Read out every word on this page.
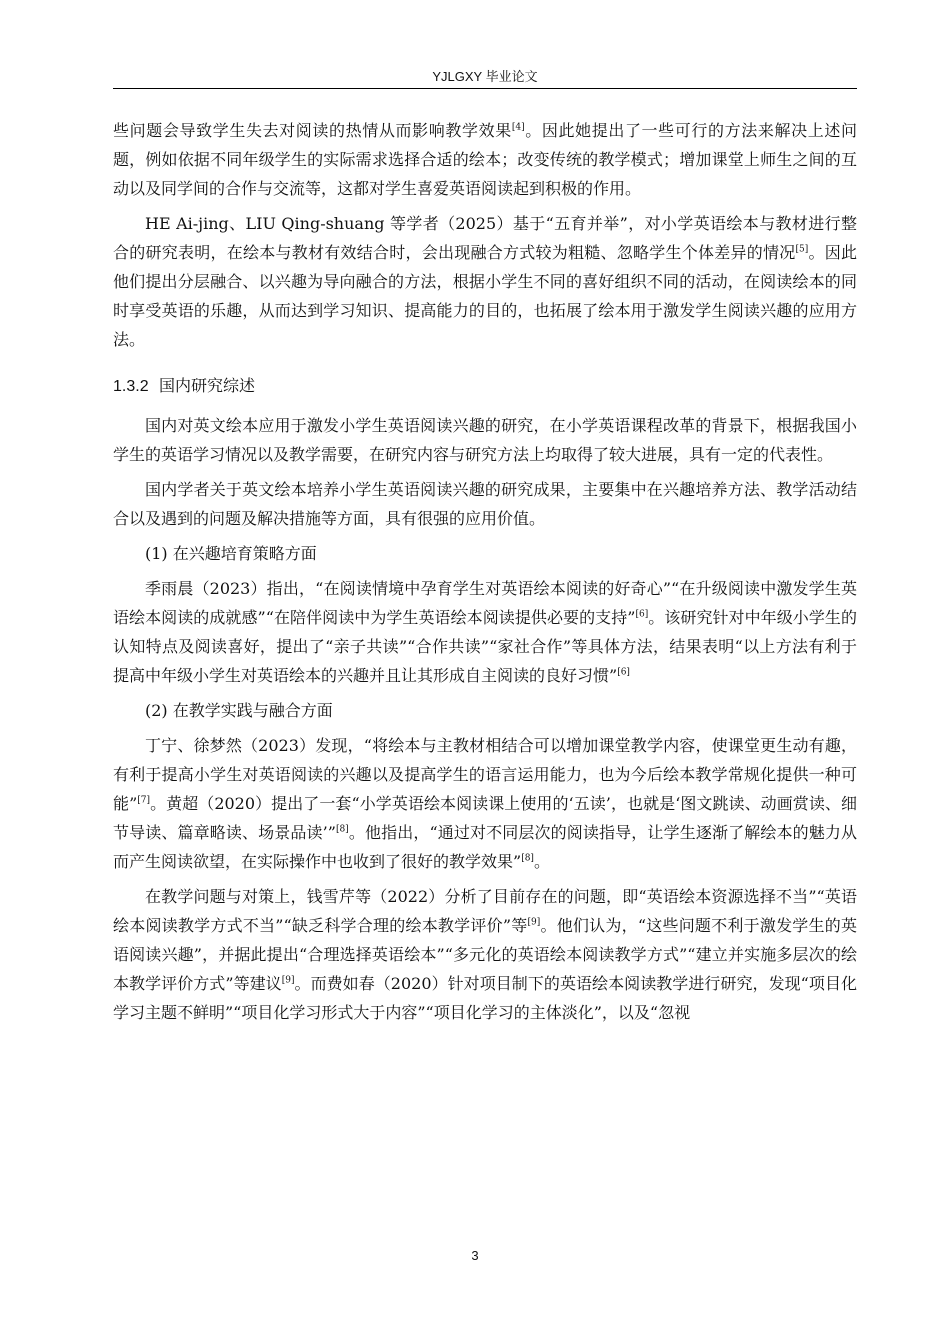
YJLGXY 毕业论文

些问题会导致学生失去对阅读的热情从而影响教学效果[4]。因此她提出了一些可行的方法来解决上述问题，例如依据不同年级学生的实际需求选择合适的绘本；改变传统的教学模式；增加课堂上师生之间的互动以及同学间的合作与交流等，这都对学生喜爱英语阅读起到积极的作用。

HE Ai-jing、LIU Qing-shuang 等学者（2025）基于“五育并举”，对小学英语绘本与教材进行整合的研究表明，在绘本与教材有效结合时，会出现融合方式较为粗糙、忽略学生个体差异的情况[5]。因此他们提出分层融合、以兴趣为导向融合的方法，根据小学生不同的喜好组织不同的活动，在阅读绘本的同时享受英语的乐趣，从而达到学习知识、提高能力的目的，也拓展了绘本用于激发学生阅读兴趣的应用方法。

1.3.2 国内研究综述

国内对英文绘本应用于激发小学生英语阅读兴趣的研究，在小学英语课程改革的背景下，根据我国小学生的英语学习情况以及教学需要，在研究内容与研究方法上均取得了较大进展，具有一定的代表性。

国内学者关于英文绘本培养小学生英语阅读兴趣的研究成果，主要集中在兴趣培养方法、教学活动结合以及遇到的问题及解决措施等方面，具有很强的应用价值。

(1) 在兴趣培育策略方面

季雨晨（2023）指出，“在阅读情境中孕育学生对英语绘本阅读的好奇心”“在升级阅读中激发学生英语绘本阅读的成就感”“在陪伴阅读中为学生英语绘本阅读提供必要的支持”[6]。该研究针对中年级小学生的认知特点及阅读喜好，提出了“亲子共读”“合作共读”“家社合作”等具体方法，结果表明“以上方法有利于提高中年级小学生对英语绘本的兴趣并且让其形成自主阅读的良好习惯”[6]

(2) 在教学实践与融合方面

丁宁、徐梦然（2023）发现，“将绘本与主教材相结合可以增加课堂教学内容，使课堂更生动有趣，有利于提高小学生对英语阅读的兴趣以及提高学生的语言运用能力，也为今后绘本教学常规化提供一种可能”[7]。黄超（2020）提出了一套“小学英语绘本阅读课上使用的‘五读’，也就是‘图文跳读、动画赏读、细节导读、篇章略读、场景品读’”[8]。他指出，“通过对不同层次的阅读指导，让学生逐渐了解绘本的魅力从而产生阅读欲望，在实际操作中也收到了很好的教学效果”[8]。

在教学问题与对策上，钱雪芹等（2022）分析了目前存在的问题，即“英语绘本资源选择不当”“英语绘本阅读教学方式不当”“缺乏科学合理的绘本教学评价”等[9]。他们认为，“这些问题不利于激发学生的英语阅读兴趣”，并据此提出“合理选择英语绘本”“多元化的英语绘本阅读教学方式”“建立并实施多层次的绘本教学评价方式”等建议[9]。而费如春（2020）针对项目制下的英语绘本阅读教学进行研究，发现“项目化学习主题不鲜明”“项目化学习形式大于内容”“项目化学习的主体淡化”，以及“忽视

3
